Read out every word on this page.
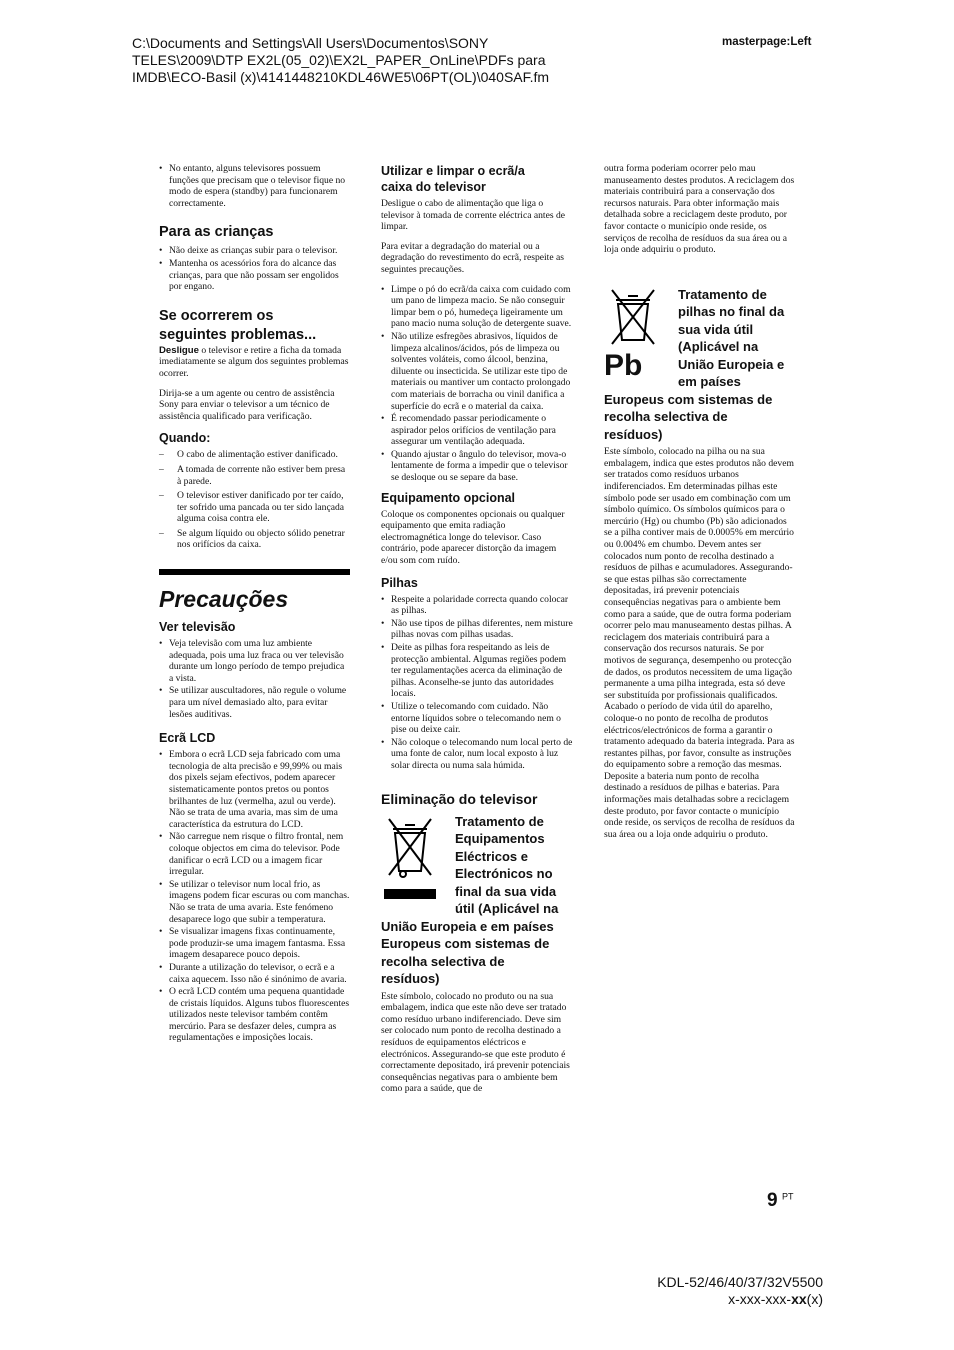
C:\Documents and Settings\All Users\Documentos\SONY
TELES\2009\DTP EX2L(05_02)\EX2L_PAPER_OnLine\PDFs para
IMDB\ECO-Basil (x)\4141448210KDL46WE5\06PT(OL)\040SAF.fm
masterpage:Left
• No entanto, alguns televisores possuem funções que precisam que o televisor fique no modo de espera (standby) para funcionarem correctamente.
Para as crianças
• Não deixe as crianças subir para o televisor.
• Mantenha os acessórios fora do alcance das crianças, para que não possam ser engolidos por engano.
Se ocorrerem os
seguintes problemas...

Desligue o televisor e retire a ficha da tomada imediatamente se algum dos seguintes problemas ocorrer.

Dirija-se a um agente ou centro de assistência Sony para enviar o televisor a um técnico de assistência qualificado para verificação.

Quando:
– O cabo de alimentação estiver danificado.
– A tomada de corrente não estiver bem presa à parede.
– O televisor estiver danificado por ter caído, ter sofrido uma pancada ou ter sido lançada alguma coisa contra ele.
– Se algum líquido ou objecto sólido penetrar nos orifícios da caixa.
Precauções
Ver televisão
• Veja televisão com uma luz ambiente adequada, pois uma luz fraca ou ver televisão durante um longo período de tempo prejudica a vista.
• Se utilizar auscultadores, não regule o volume para um nível demasiado alto, para evitar lesões auditivas.
Ecrã LCD
• Embora o ecrã LCD seja fabricado com uma tecnologia de alta precisão e 99,99% ou mais dos pixels sejam efectivos, podem aparecer sistematicamente pontos pretos ou pontos brilhantes de luz (vermelha, azul ou verde). Não se trata de uma avaria, mas sim de uma característica da estrutura do LCD.
• Não carregue nem risque o filtro frontal, nem coloque objectos em cima do televisor. Pode danificar o ecrã LCD ou a imagem ficar irregular.
• Se utilizar o televisor num local frio, as imagens podem ficar escuras ou com manchas. Não se trata de uma avaria. Este fenómeno desaparece logo que subir a temperatura.
• Se visualizar imagens fixas continuamente, pode produzir-se uma imagem fantasma. Essa imagem desaparece pouco depois.
• Durante a utilização do televisor, o ecrã e a caixa aquecem. Isso não é sinónimo de avaria.
• O ecrã LCD contém uma pequena quantidade de cristais líquidos. Alguns tubos fluorescentes utilizados neste televisor também contêm mercúrio. Para se desfazer deles, cumpra as regulamentações e imposições locais.
Utilizar e limpar o ecrã/a
caixa do televisor

Desligue o cabo de alimentação que liga o televisor à tomada de corrente eléctrica antes de limpar.

Para evitar a degradação do material ou a degradação do revestimento do ecrã, respeite as seguintes precauções.

• Limpe o pó do ecrã/da caixa com cuidado com um pano de limpeza macio. Se não conseguir limpar bem o pó, humedeça ligeiramente um pano macio numa solução de detergente suave.
• Não utilize esfregões abrasivos, líquidos de limpeza alcalinos/ácidos, pós de limpeza ou solventes voláteis, como álcool, benzina, diluente ou insecticida. Se utilizar este tipo de materiais ou mantiver um contacto prolongado com materiais de borracha ou vinil danifica a superfície do ecrã e o material da caixa.
• É recomendado passar periodicamente o aspirador pelos orifícios de ventilação para assegurar um ventilação adequada.
• Quando ajustar o ângulo do televisor, mova-o lentamente de forma a impedir que o televisor se desloque ou se separe da base.
Equipamento opcional

Coloque os componentes opcionais ou qualquer equipamento que emita radiação electromagnética longe do televisor. Caso contrário, pode aparecer distorção da imagem e/ou som com ruído.

Pilhas
• Respeite a polaridade correcta quando colocar as pilhas.
• Não use tipos de pilhas diferentes, nem misture pilhas novas com pilhas usadas.
• Deite as pilhas fora respeitando as leis de protecção ambiental. Algumas regiões podem ter regulamentações acerca da eliminação de pilhas. Aconselhe-se junto das autoridades locais.
• Utilize o telecomando com cuidado. Não entorne líquidos sobre o telecomando nem o pise ou deixe cair.
• Não coloque o telecomando num local perto de uma fonte de calor, num local exposto à luz solar directa ou numa sala húmida.
Eliminação do televisor
Tratamento de
Equipamentos
Eléctricos e
Electrónicos no
final da sua vida
útil (Aplicável na
União Europeia e em países
Europeus com sistemas de
recolha selectiva de
resíduos)

Este símbolo, colocado no produto ou na sua embalagem, indica que este não deve ser tratado como resíduo urbano indiferenciado. Deve sim ser colocado num ponto de recolha destinado a resíduos de equipamentos eléctricos e electrónicos. Assegurando-se que este produto é correctamente depositado, irá prevenir potenciais consequências negativas para o ambiente bem como para a saúde, que de

outra forma poderiam ocorrer pelo mau manuseamento destes produtos. A reciclagem dos materiais contribuirá para a conservação dos recursos naturais. Para obter informação mais detalhada sobre a reciclagem deste produto, por favor contacte o município onde reside, os serviços de recolha de resíduos da sua área ou a loja onde adquiriu o produto.

Pb
Tratamento de
pilhas no final da
sua vida útil
(Aplicável na
União Europeia e
em países
Europeus com sistemas de
recolha selectiva de
resíduos)

Este símbolo, colocado na pilha ou na sua embalagem, indica que estes produtos não devem ser tratados como resíduos urbanos indiferenciados. Em determinadas pilhas este símbolo pode ser usado em combinação com um símbolo químico. Os símbolos químicos para o mercúrio (Hg) ou chumbo (Pb) são adicionados se a pilha contiver mais de 0.0005% em mercúrio ou 0.004% em chumbo. Devem antes ser colocados num ponto de recolha destinado a resíduos de pilhas e acumuladores. Assegurando-se que estas pilhas são correctamente depositadas, irá prevenir potenciais consequências negativas para o ambiente bem como para a saúde, que de outra forma poderiam ocorrer pelo mau manuseamento destas pilhas. A reciclagem dos materiais contribuirá para a conservação dos recursos naturais. Se por motivos de segurança, desempenho ou protecção de dados, os produtos necessitem de uma ligação permanente a uma pilha integrada, esta só deve ser substituída por profissionais qualificados. Acabado o período de vida útil do aparelho, coloque-o no ponto de recolha de produtos eléctricos/electrónicos de forma a garantir o tratamento adequado da bateria integrada. Para as restantes pilhas, por favor, consulte as instruções do equipamento sobre a remoção das mesmas. Deposite a bateria num ponto de recolha destinado a resíduos de pilhas e baterias. Para informações mais detalhadas sobre a reciclagem deste produto, por favor contacte o município onde reside, os serviços de recolha de resíduos da sua área ou a loja onde adquiriu o produto.

9 $^{PT}$
KDL-52/46/40/37/32V5500
x-xxx-xxx-xx(x)
